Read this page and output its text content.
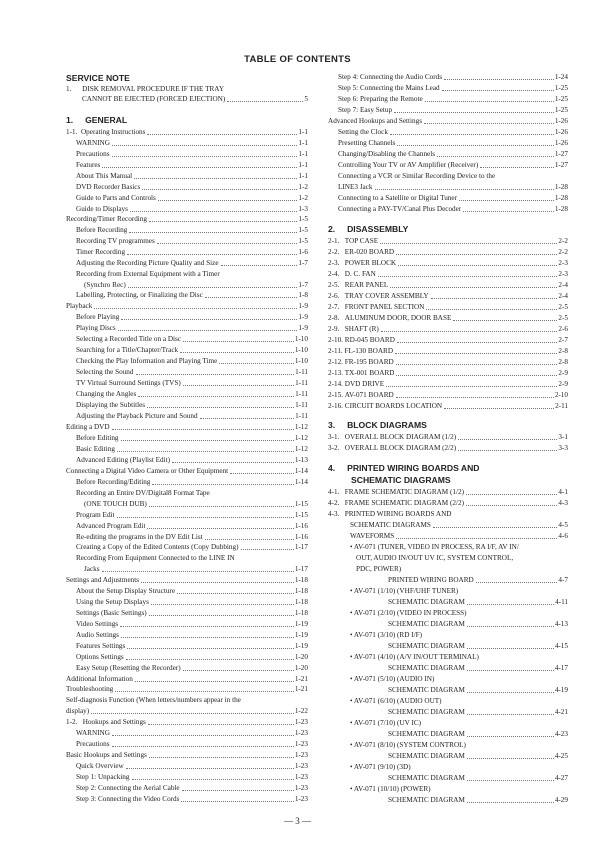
TABLE OF CONTENTS
SERVICE NOTE
1.      DISK REMOVAL PROCEDURE IF THE TRAY
CANNOT BE EJECTED (FORCED EJECTION)	5
1.     GENERAL
1-1.  Operating Instructions	1-1
WARNING	1-1
Precautions	1-1
Features	1-1
About This Manual	1-1
DVD Recorder Basics	1-2
Guide to Parts and Controls	1-2
Guide to Displays	1-3
Recording/Timer Recording	1-5
Before Recording	1-5
Recording TV programmes	1-5
Timer Recording	1-6
Adjusting the Recording Picture Quality and Size	1-7
Recording from External Equipment with a Timer
(Synchro Rec)	1-7
Labelling, Protecting, or Finalizing the Disc	1-8
Playback	1-9
Before Playing	1-9
Playing Discs	1-9
Selecting a Recorded Title on a Disc	1-10
Searching for a Title/Chapter/Track	1-10
Checking the Play Information and Playing Time	1-10
Selecting the Sound	1-11
TV Virtual Surround Settings (TVS)	1-11
Changing the Angles	1-11
Displaying the Subtitles	1-11
Adjusting the Playback Picture and Sound	1-11
Editing a DVD	1-12
Before Editing	1-12
Basic Editing	1-12
Advanced Editing (Playlist Edit)	1-13
Connecting a Digital Video Camera or Other Equipment	1-14
Before Recording/Editing	1-14
Recording an Entire DV/Digital8 Format Tape
(ONE TOUCH DUB)	1-15
Program Edit	1-15
Advanced Program Edit	1-16
Re-editing the programs in the DV Edit List	1-16
Creating a Copy of the Edited Contents (Copy Dubbing)	1-17
Recording From Equipment Connected to the LINE IN
Jacks	1-17
Settings and Adjustments	1-18
About the Setup Display Structure	1-18
Using the Setup Displays	1-18
Settings (Basic Settings)	1-18
Video Settings	1-19
Audio Settings	1-19
Features Settings	1-19
Options Settings	1-20
Easy Setup (Resetting the Recorder)	1-20
Additional Information	1-21
Troubleshooting	1-21
Self-diagnosis Function (When letters/numbers appear in the
display)	1-22
1-2.   Hookups and Settings	1-23
WARNING	1-23
Precautions	1-23
Basic Hookups and Settings	1-23
Quick Overview	1-23
Step 1: Unpacking	1-23
Step 2: Connecting the Aerial Cable	1-23
Step 3: Connecting the Video Cords	1-23
Step 4: Connecting the Audio Cords	1-24
Step 5: Connecting the Mains Lead	1-25
Step 6: Preparing the Remote	1-25
Step 7: Easy Setup	1-25
Advanced Hookups and Settings	1-26
Setting the Clock	1-26
Presetting Channels	1-26
Changing/Disabling the Channels	1-27
Controlling Your TV or AV Amplifier (Receiver)	1-27
Connecting a VCR or Similar Recording Device to the
LINE3 Jack	1-28
Connecting to a Satellite or Digital Tuner	1-28
Connecting a PAY-TV/Canal Plus Decoder	1-28
2.     DISASSEMBLY
2-1.   TOP CASE	2-2
2-2.   ER-020 BOARD	2-2
2-3.   POWER BLOCK	2-3
2-4.   D. C. FAN	2-3
2-5.   REAR PANEL	2-4
2-6.   TRAY COVER ASSEMBLY	2-4
2-7.   FRONT PANEL SECTION	2-5
2-8.   ALUMINUM DOOR, DOOR BASE	2-5
2-9.   SHAFT (R)	2-6
2-10. RD-045 BOARD	2-7
2-11. FL-130 BOARD	2-8
2-12. FR-195 BOARD	2-8
2-13. TX-001 BOARD	2-9
2-14. DVD DRIVE	2-9
2-15. AV-071 BOARD	2-10
2-16. CIRCUIT BOARDS LOCATION	2-11
3.     BLOCK DIAGRAMS
3-1.   OVERALL BLOCK DIAGRAM (1/2)	3-1
3-2.   OVERALL BLOCK DIAGRAM (2/2)	3-3
4.     PRINTED WIRING BOARDS AND
SCHEMATIC DIAGRAMS
4-1.   FRAME SCHEMATIC DIAGRAM (1/2)	4-1
4-2.   FRAME SCHEMATIC DIAGRAM (2/2)	4-3
4-3.   PRINTED WIRING BOARDS AND
SCHEMATIC DIAGRAMS	4-5
WAVEFORMS	4-6
• AV-071 (TUNER, VIDEO IN PROCESS, RA I/F, AV IN/
OUT, AUDIO IN/OUT UV IC, SYSTEM CONTROL,
PDC, POWER)
PRINTED WIRING BOARD	4-7
• AV-071 (1/10) (VHF/UHF TUNER)
SCHEMATIC DIAGRAM	4-11
• AV-071 (2/10) (VIDEO IN PROCESS)
SCHEMATIC DIAGRAM	4-13
• AV-071 (3/10) (RD I/F)
SCHEMATIC DIAGRAM	4-15
• AV-071 (4/10) (A/V IN/OUT TERMINAL)
SCHEMATIC DIAGRAM	4-17
• AV-071 (5/10) (AUDIO IN)
SCHEMATIC DIAGRAM	4-19
• AV-071 (6/10) (AUDIO OUT)
SCHEMATIC DIAGRAM	4-21
• AV-071 (7/10) (UV IC)
SCHEMATIC DIAGRAM	4-23
• AV-071 (8/10) (SYSTEM CONTROL)
SCHEMATIC DIAGRAM	4-25
• AV-071 (9/10) (3D)
SCHEMATIC DIAGRAM	4-27
• AV-071 (10/10) (POWER)
SCHEMATIC DIAGRAM	4-29
— 3 —
